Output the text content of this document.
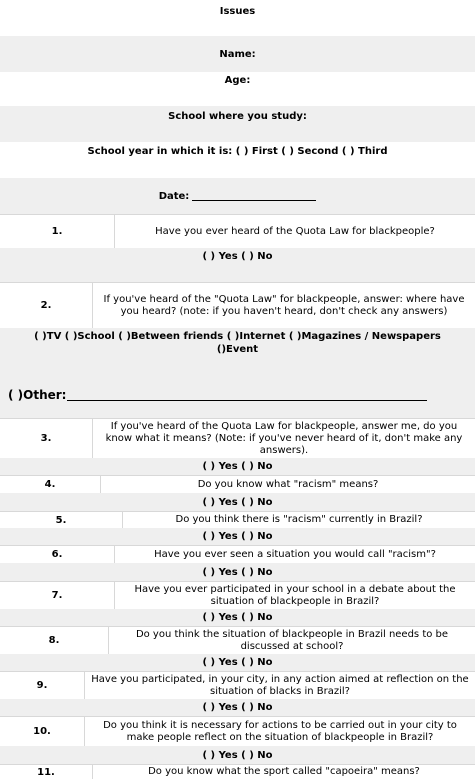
Issues
Name:
Age:
School where you study:
School year in which it is: ( ) First ( ) Second ( ) Third
Date:
1.	Have you ever heard of the Quota Law for blackpeople?
( ) Yes ( ) No
2.
If you've heard of the "Quota Law" for blackpeople, answer: where have you heard? (note: if you haven't heard, don't check any answers)
( )TV ( )School ( )Between friends ( )Internet ( )Magazines / Newspapers ()Event
( )Other:
3.
If you've heard of the Quota Law for blackpeople, answer me, do you know what it means? (Note: if you've never heard of it, don't make any answers).
( ) Yes ( ) No
4.	Do you know what "racism" means?
( ) Yes ( ) No
5.	Do you think there is "racism" currently in Brazil?
( ) Yes ( ) No
6.	Have you ever seen a situation you would call "racism"?
( ) Yes ( ) No
7.
Have you ever participated in your school in a debate about the situation of blackpeople in Brazil?
( ) Yes ( ) No
8.
Do you think the situation of blackpeople in Brazil needs to be discussed at school?
( ) Yes ( ) No
9.
Have you participated, in your city, in any action aimed at reflection on the situation of blacks in Brazil?
( ) Yes ( ) No
10.
Do you think it is necessary for actions to be carried out in your city to make people reflect on the situation of blackpeople in Brazil?
( ) Yes ( ) No
11.	Do you know what the sport called "capoeira" means?
